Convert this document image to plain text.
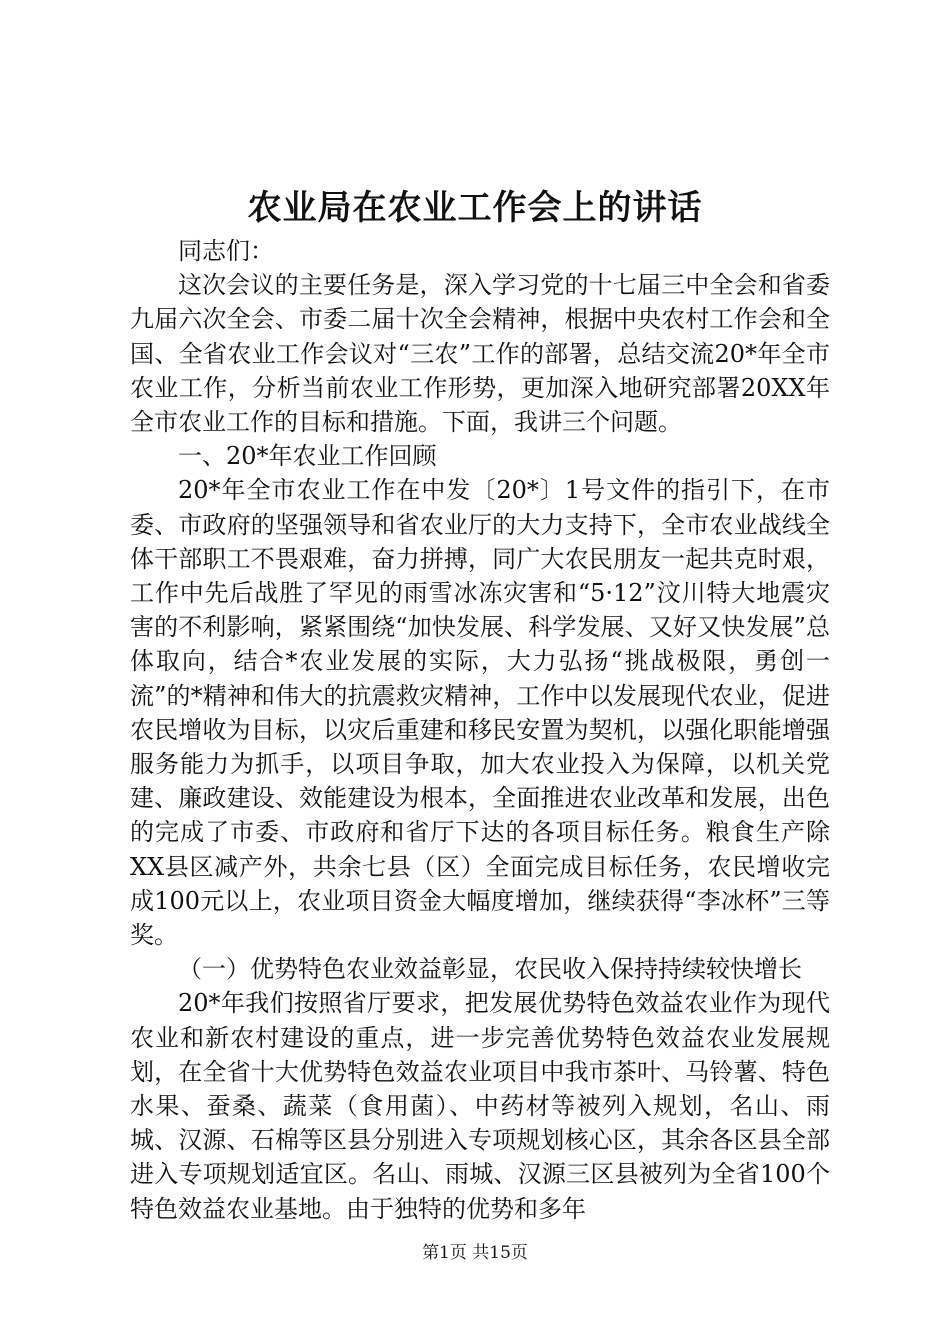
农业局在农业工作会上的讲话

同志们：

这次会议的主要任务是，深入学习党的十七届三中全会和省委九届六次全会、市委二届十次全会精神，根据中央农村工作会和全国、全省农业工作会议对“三农”工作的部署，总结交流20*年全市农业工作，分析当前农业工作形势，更加深入地研究部署20XX年全市农业工作的目标和措施。下面，我讲三个问题。

一、20*年农业工作回顾

20*年全市农业工作在中发〔20*〕1号文件的指引下，在市委、市政府的坚强领导和省农业厅的大力支持下，全市农业战线全体干部职工不畏艰难，奋力拼搏，同广大农民朋友一起共克时艰，工作中先后战胜了罕见的雨雪冰冻灾害和“5·12”汶川特大地震灾害的不利影响，紧紧围绕“加快发展、科学发展、又好又快发展”总体取向，结合*农业发展的实际，大力弘扬“挑战极限，勇创一流”的*精神和伟大的抗震救灾精神，工作中以发展现代农业，促进农民增收为目标，以灾后重建和移民安置为契机，以强化职能增强服务能力为抓手，以项目争取，加大农业投入为保障，以机关党建、廉政建设、效能建设为根本，全面推进农业改革和发展，出色的完成了市委、市政府和省厅下达的各项目标任务。粮食生产除XX县区减产外，共余七县（区）全面完成目标任务，农民增收完成100元以上，农业项目资金大幅度增加，继续获得“李冰杯”三等奖。

（一）优势特色农业效益彰显，农民收入保持持续较快增长

20*年我们按照省厅要求，把发展优势特色效益农业作为现代农业和新农村建设的重点，进一步完善优势特色效益农业发展规划，在全省十大优势特色效益农业项目中我市茶叶、马铃薯、特色水果、蚕桑、蔬菜（食用菌）、中药材等被列入规划，名山、雨城、汉源、石棉等区县分别进入专项规划核心区，其余各区县全部进入专项规划适宜区。名山、雨城、汉源三区县被列为全省100个特色效益农业基地。由于独特的优势和多年

第1页 共15页
